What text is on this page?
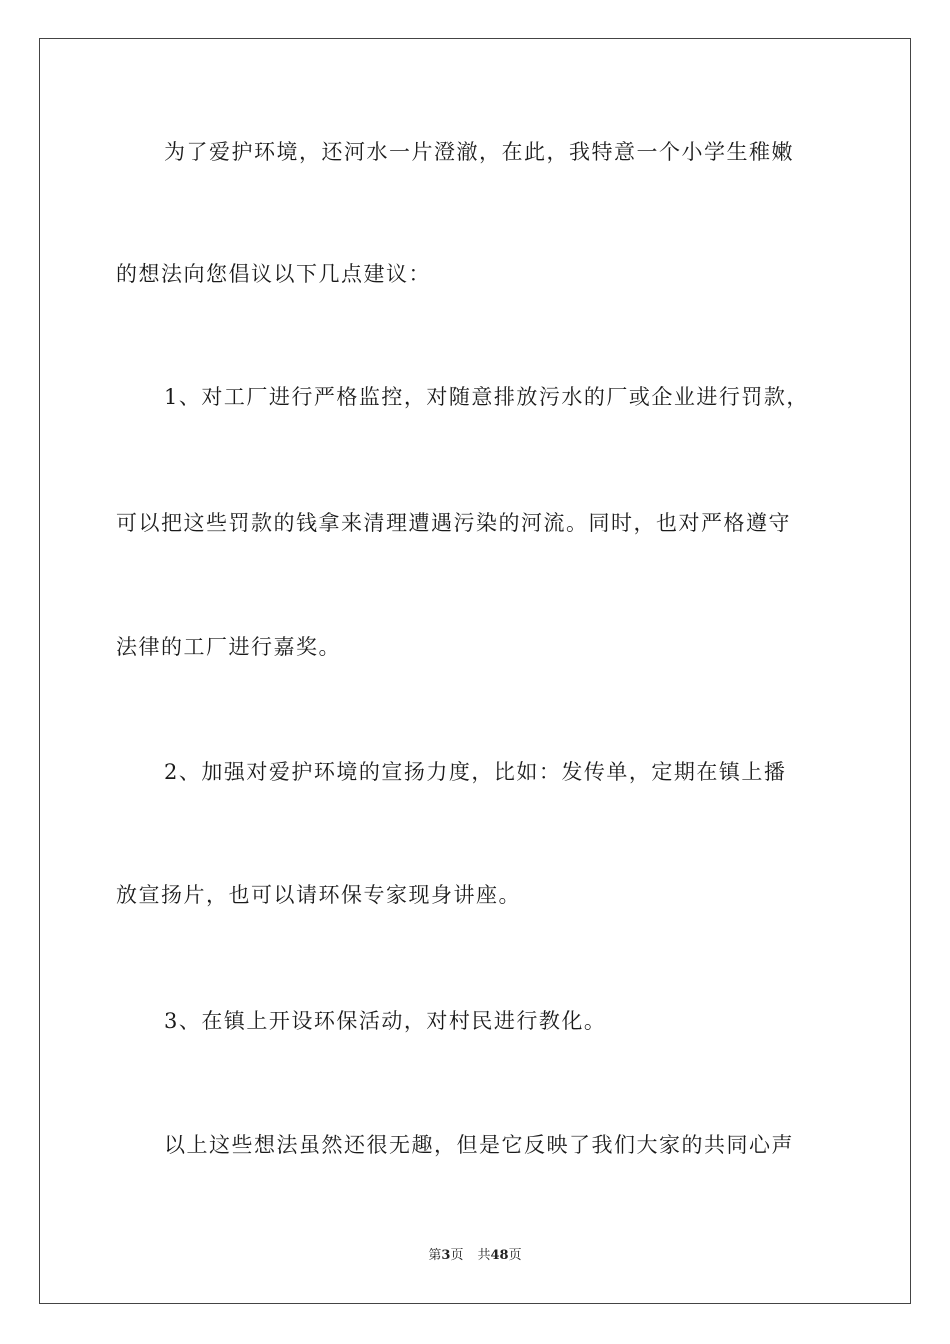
为了爱护环境，还河水一片澄澈，在此，我特意一个小学生稚嫩
的想法向您倡议以下几点建议：
1、对工厂进行严格监控，对随意排放污水的厂或企业进行罚款，
可以把这些罚款的钱拿来清理遭遇污染的河流。同时，也对严格遵守
法律的工厂进行嘉奖。
2、加强对爱护环境的宣扬力度，比如：发传单，定期在镇上播
放宣扬片，也可以请环保专家现身讲座。
3、在镇上开设环保活动，对村民进行教化。
以上这些想法虽然还很无趣，但是它反映了我们大家的共同心声
第3页 共48页
